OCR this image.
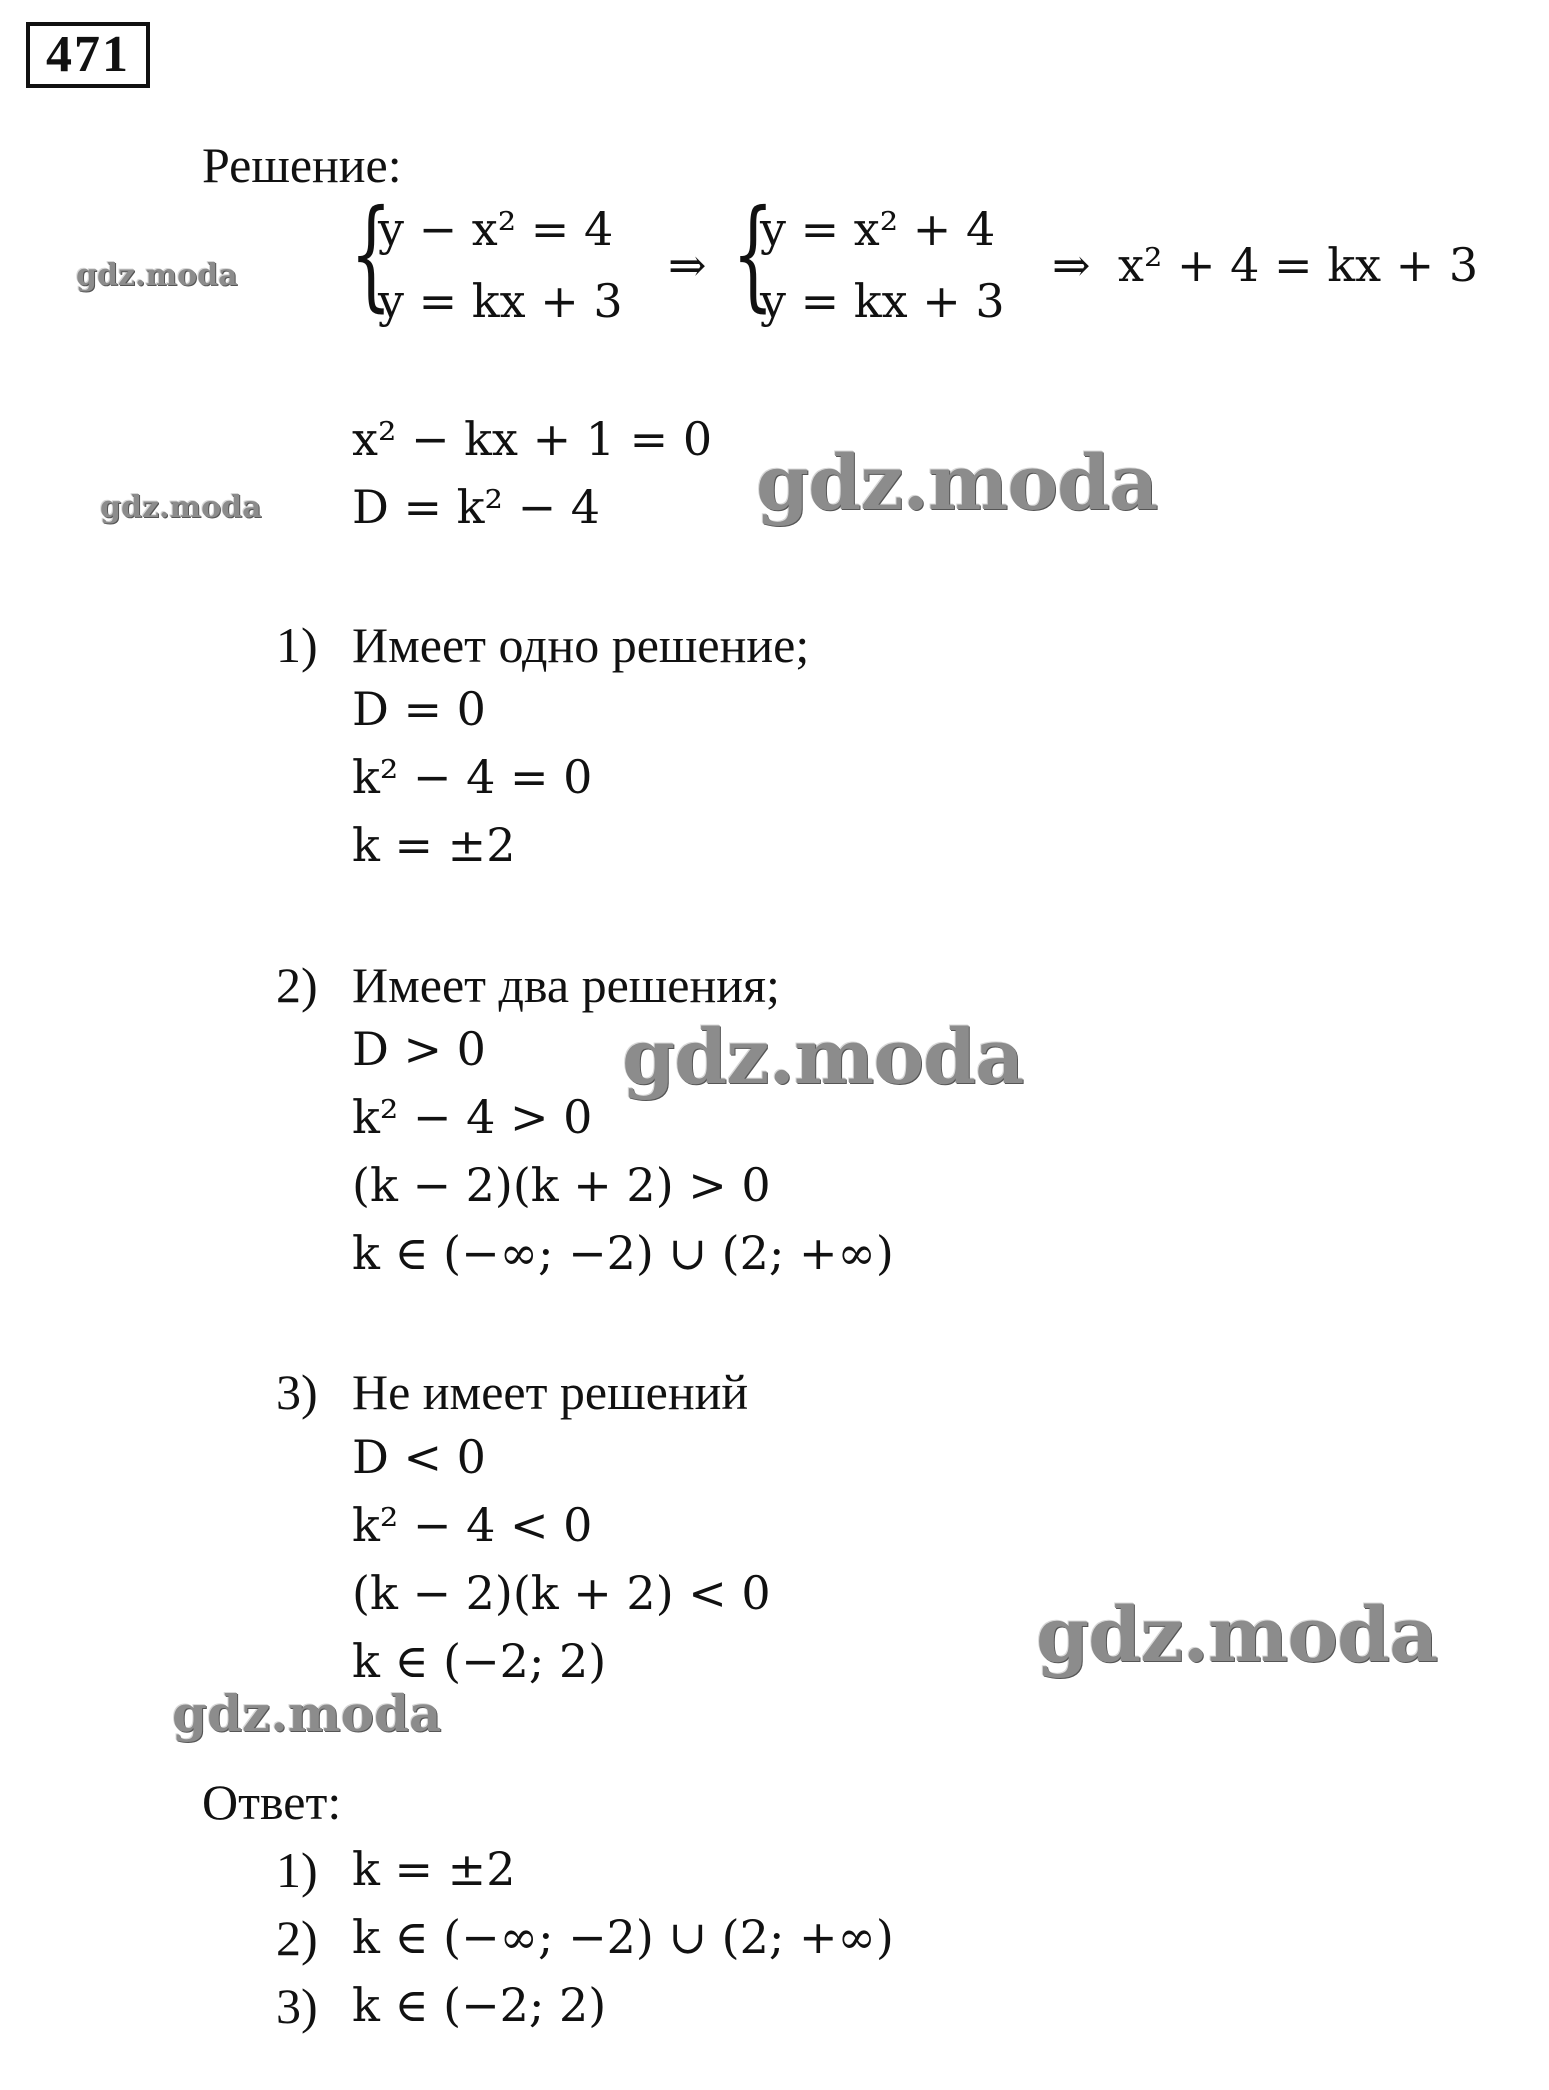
471
Решение:
{
y − x² = 4
y = kx + 3
⇒ {
y = x² + 4
y = kx + 3
⇒ x² + 4 = kx + 3
x² − kx + 1 = 0
D = k² − 4
1) Имеет одно решение;
D = 0
k² − 4 = 0
k = ±2
2) Имеет два решения;
D > 0
k² − 4 > 0
(k − 2)(k + 2) > 0
k ∈ (−∞; −2) ∪ (2; +∞)
3) Не имеет решений
D < 0
k² − 4 < 0
(k − 2)(k + 2) < 0
k ∈ (−2; 2)
Ответ:
1) k = ±2
2) k ∈ (−∞; −2) ∪ (2; +∞)
3) k ∈ (−2; 2)
gdz.moda
gdz.moda	gdz.moda
gdz.moda
gdz.moda
gdz.moda
